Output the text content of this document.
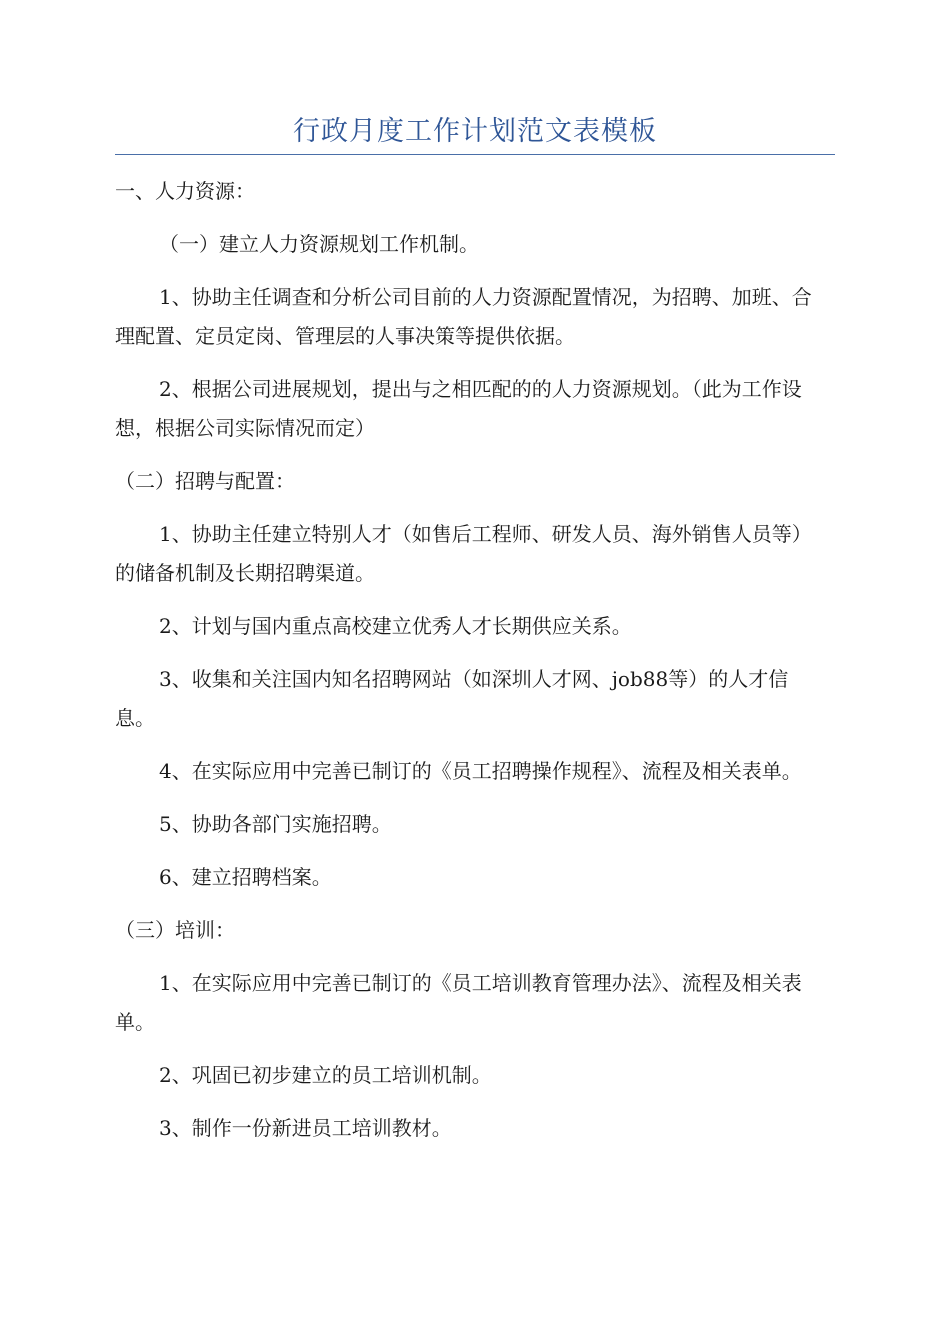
行政月度工作计划范文表模板

一、人力资源：

（一）建立人力资源规划工作机制。

1、协助主任调查和分析公司目前的人力资源配置情况，为招聘、加班、合理配置、定员定岗、管理层的人事决策等提供依据。

2、根据公司进展规划，提出与之相匹配的的人力资源规划。（此为工作设想，根据公司实际情况而定）

（二）招聘与配置：

1、协助主任建立特别人才（如售后工程师、研发人员、海外销售人员等）的储备机制及长期招聘渠道。

2、计划与国内重点高校建立优秀人才长期供应关系。

3、收集和关注国内知名招聘网站（如深圳人才网、job88等）的人才信息。

4、在实际应用中完善已制订的《员工招聘操作规程》、流程及相关表单。

5、协助各部门实施招聘。

6、建立招聘档案。

（三）培训：

1、在实际应用中完善已制订的《员工培训教育管理办法》、流程及相关表单。

2、巩固已初步建立的员工培训机制。

3、制作一份新进员工培训教材。
